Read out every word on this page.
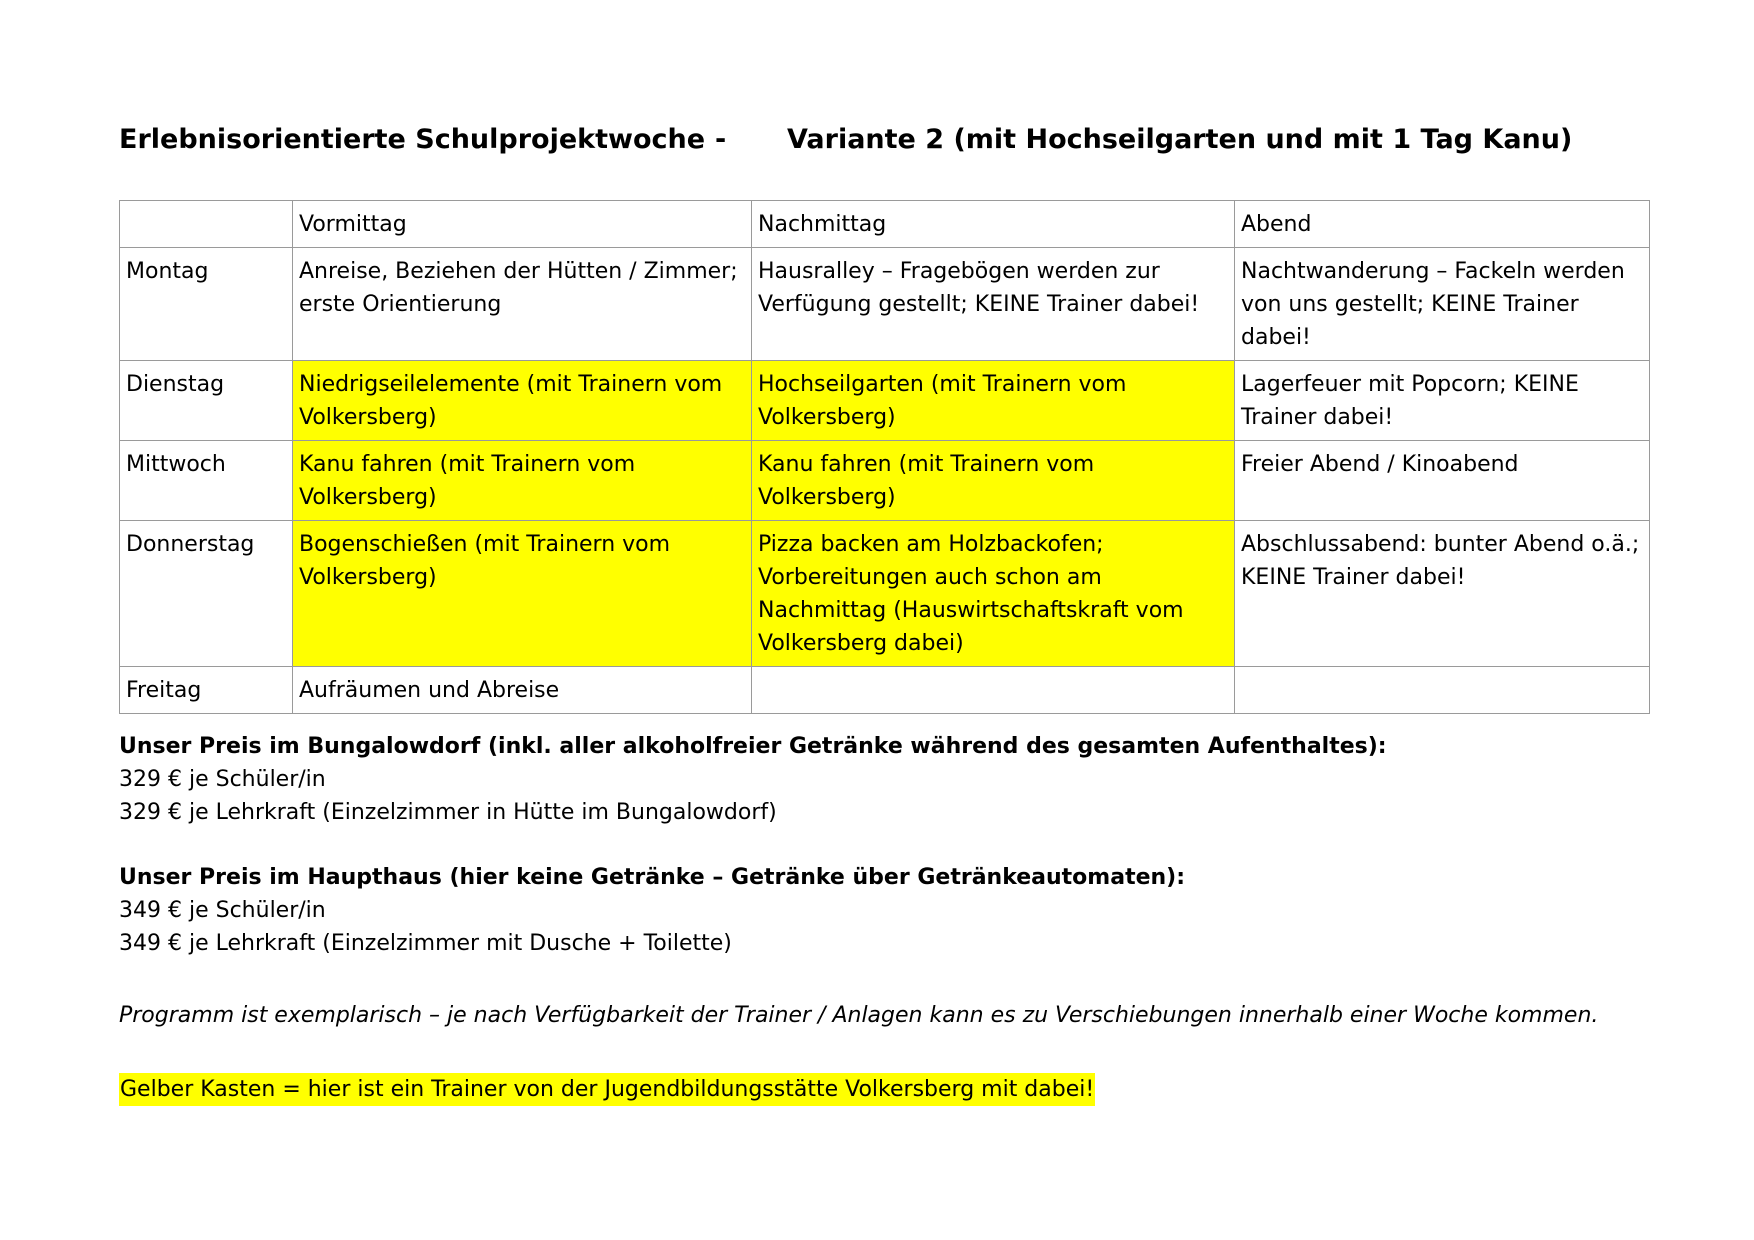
Erlebnisorientierte Schulprojektwoche - Variante 2 (mit Hochseilgarten und mit 1 Tag Kanu)
	Vormittag	Nachmittag	Abend
Montag	Anreise, Beziehen der Hütten / Zimmer; erste Orientierung	Hausralley – Fragebögen werden zur Verfügung gestellt; KEINE Trainer dabei!	Nachtwanderung – Fackeln werden von uns gestellt; KEINE Trainer dabei!
Dienstag	Niedrigseilelemente (mit Trainern vom Volkersberg)	Hochseilgarten (mit Trainern vom Volkersberg)	Lagerfeuer mit Popcorn; KEINE Trainer dabei!
Mittwoch	Kanu fahren (mit Trainern vom Volkersberg)	Kanu fahren (mit Trainern vom Volkersberg)	Freier Abend / Kinoabend
Donnerstag	Bogenschießen (mit Trainern vom Volkersberg)	Pizza backen am Holzbackofen; Vorbereitungen auch schon am Nachmittag (Hauswirtschaftskraft vom Volkersberg dabei)	Abschlussabend: bunter Abend o.ä.; KEINE Trainer dabei!
Freitag	Aufräumen und Abreise		
Unser Preis im Bungalowdorf (inkl. aller alkoholfreier Getränke während des gesamten Aufenthaltes):
329 € je Schüler/in
329 € je Lehrkraft (Einzelzimmer in Hütte im Bungalowdorf)
Unser Preis im Haupthaus (hier keine Getränke – Getränke über Getränkeautomaten):
349 € je Schüler/in
349 € je Lehrkraft (Einzelzimmer mit Dusche + Toilette)
Programm ist exemplarisch – je nach Verfügbarkeit der Trainer / Anlagen kann es zu Verschiebungen innerhalb einer Woche kommen.
Gelber Kasten = hier ist ein Trainer von der Jugendbildungsstätte Volkersberg mit dabei!
